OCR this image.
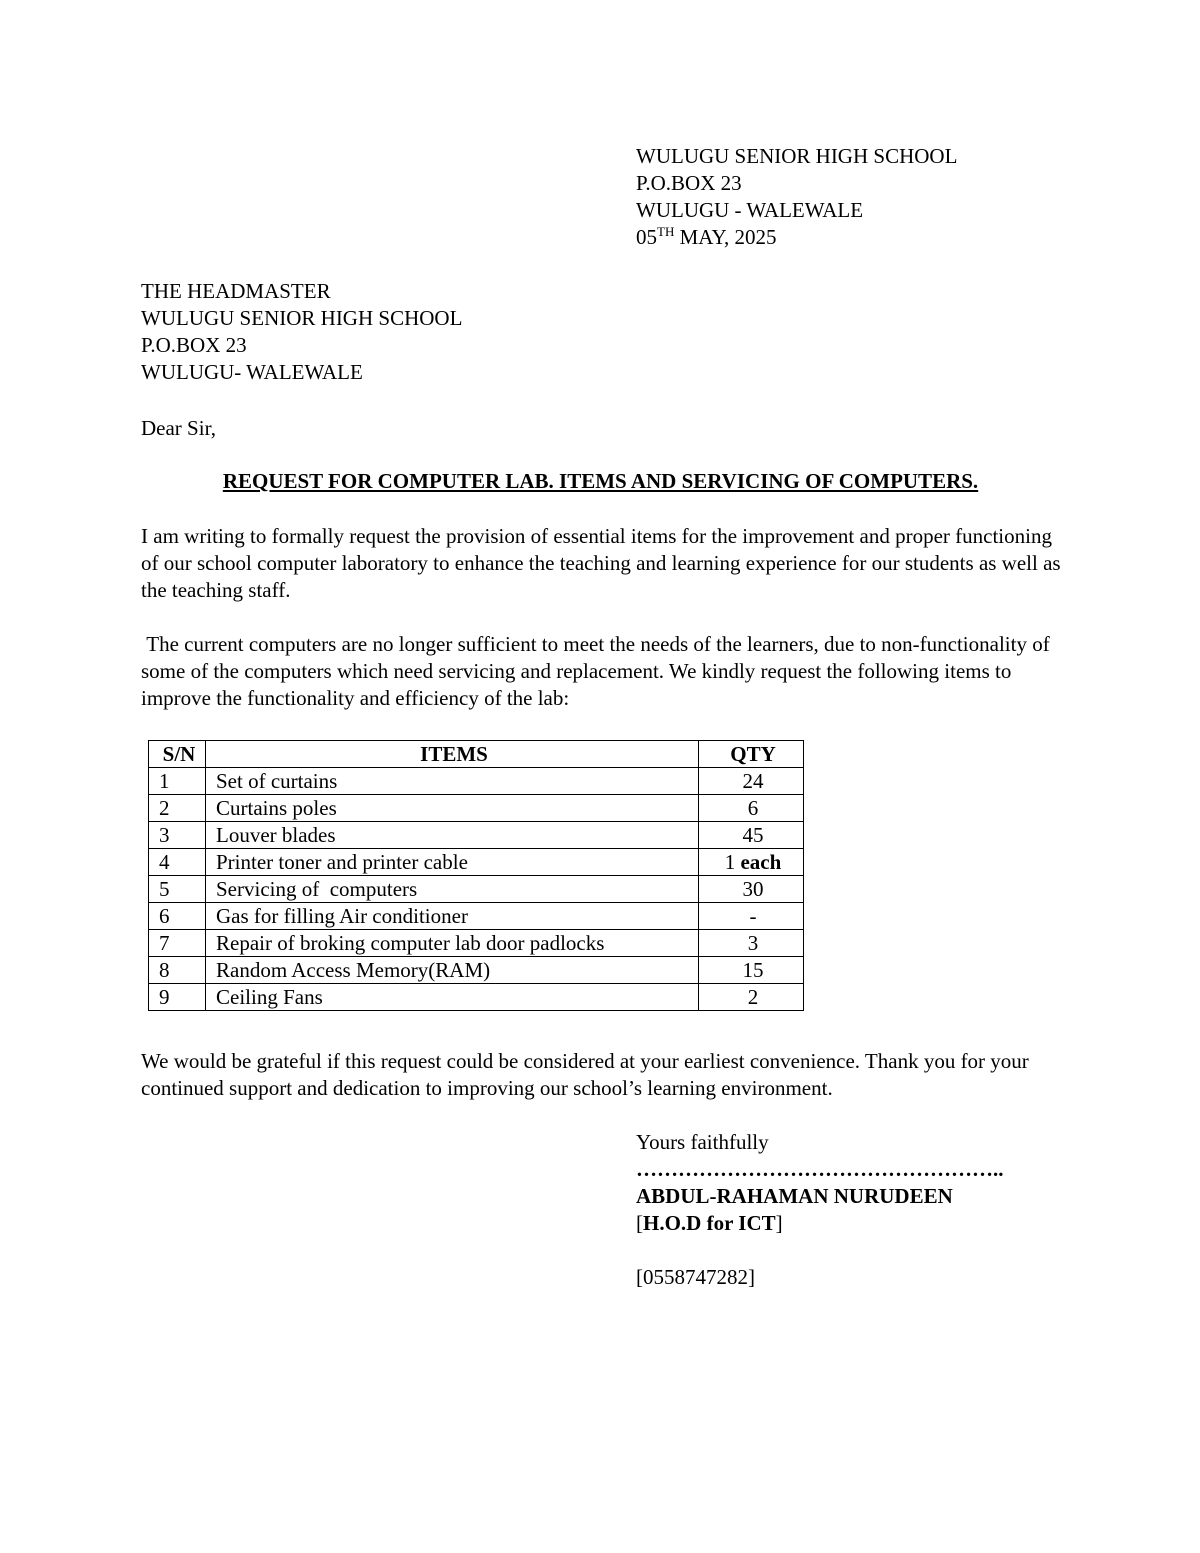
WULUGU SENIOR HIGH SCHOOL
P.O.BOX 23
WULUGU - WALEWALE
05TH MAY, 2025
THE HEADMASTER
WULUGU SENIOR HIGH SCHOOL
P.O.BOX 23
WULUGU- WALEWALE
Dear Sir,
REQUEST FOR COMPUTER LAB. ITEMS AND SERVICING OF COMPUTERS.
I am writing to formally request the provision of essential items for the improvement and proper functioning of our school computer laboratory to enhance the teaching and learning experience for our students as well as the teaching staff.
The current computers are no longer sufficient to meet the needs of the learners, due to non-functionality of some of the computers which need servicing and replacement. We kindly request the following items to improve the functionality and efficiency of the lab:
S/N	ITEMS	QTY
1	Set of curtains	24
2	Curtains poles	6
3	Louver blades	45
4	Printer toner and printer cable	1 each
5	Servicing of  computers	30
6	Gas for filling Air conditioner	-
7	Repair of broking computer lab door padlocks	3
8	Random Access Memory(RAM)	15
9	Ceiling Fans	2
We would be grateful if this request could be considered at your earliest convenience. Thank you for your continued support and dedication to improving our school’s learning environment.
Yours faithfully
……………………………………………..
ABDUL-RAHAMAN NURUDEEN
[H.O.D for ICT]
[0558747282]
